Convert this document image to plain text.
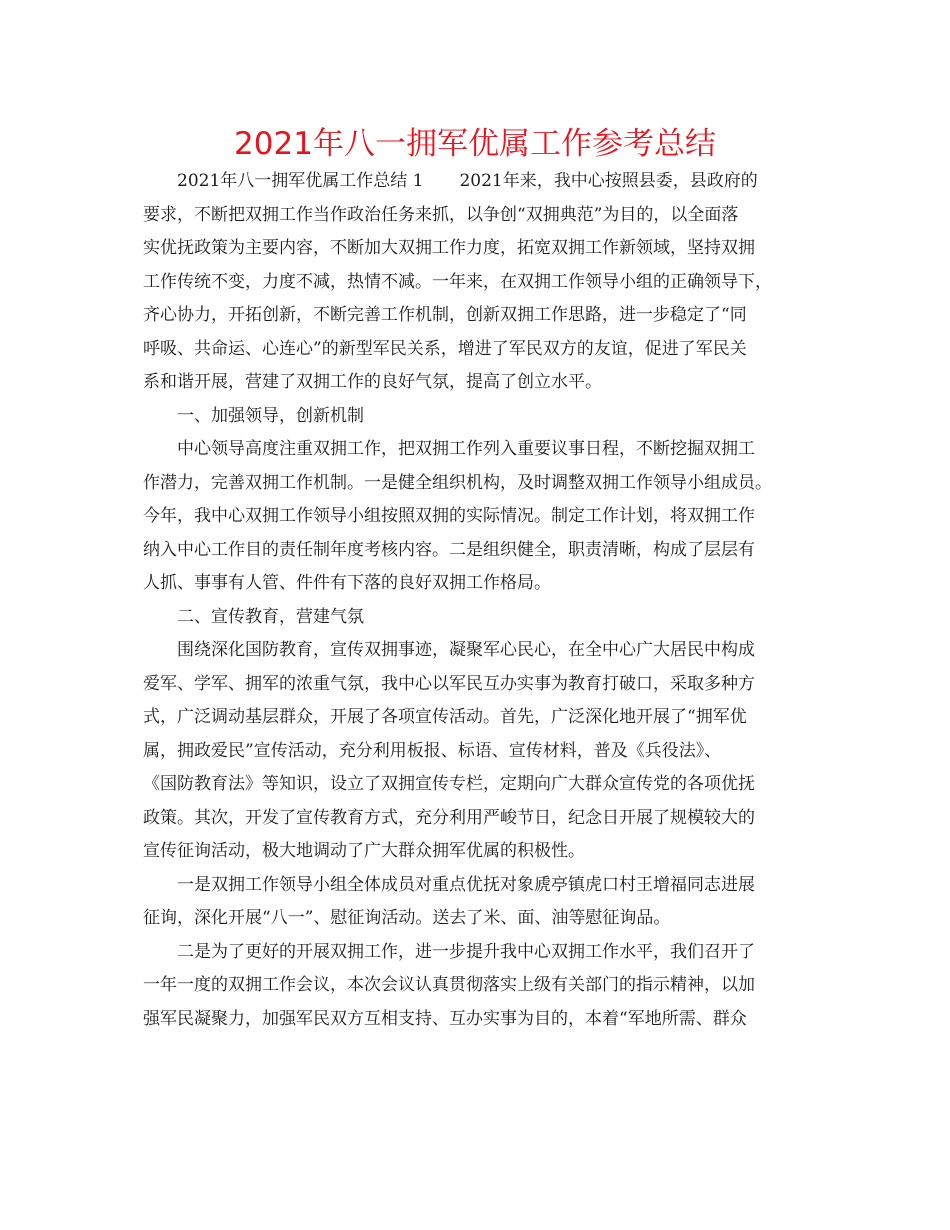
2021年八一拥军优属工作参考总结
2021年八一拥军优属工作总结 1 2021年来，我中心按照县委，县政府的
要求，不断把双拥工作当作政治任务来抓，以争创“双拥典范”为目的，以全面落
实优抚政策为主要内容，不断加大双拥工作力度，拓宽双拥工作新领域，坚持双拥
工作传统不变，力度不减，热情不减。一年来，在双拥工作领导小组的正确领导下，
齐心协力，开拓创新，不断完善工作机制，创新双拥工作思路，进一步稳定了“同
呼吸、共命运、心连心”的新型军民关系，增进了军民双方的友谊，促进了军民关
系和谐开展，营建了双拥工作的良好气氛，提高了创立水平。
一、加强领导，创新机制
中心领导高度注重双拥工作，把双拥工作列入重要议事日程，不断挖掘双拥工
作潜力，完善双拥工作机制。一是健全组织机构，及时调整双拥工作领导小组成员。
今年，我中心双拥工作领导小组按照双拥的实际情况。制定工作计划，将双拥工作
纳入中心工作目的责任制年度考核内容。二是组织健全，职责清晰，构成了层层有
人抓、事事有人管、件件有下落的良好双拥工作格局。
二、宣传教育，营建气氛
围绕深化国防教育，宣传双拥事迹，凝聚军心民心，在全中心广大居民中构成
爱军、学军、拥军的浓重气氛，我中心以军民互办实事为教育打破口，采取多种方
式，广泛调动基层群众，开展了各项宣传活动。首先，广泛深化地开展了“拥军优
属，拥政爱民”宣传活动，充分利用板报、标语、宣传材料，普及《兵役法》、
《国防教育法》等知识，设立了双拥宣传专栏，定期向广大群众宣传党的各项优抚
政策。其次，开发了宣传教育方式，充分利用严峻节日，纪念日开展了规模较大的
宣传征询活动，极大地调动了广大群众拥军优属的积极性。
一是双拥工作领导小组全体成员对重点优抚对象虒亭镇虎口村王增福同志进展
征询，深化开展“八一”、慰征询活动。送去了米、面、油等慰征询品。
二是为了更好的开展双拥工作，进一步提升我中心双拥工作水平，我们召开了
一年一度的双拥工作会议，本次会议认真贯彻落实上级有关部门的指示精神，以加
强军民凝聚力，加强军民双方互相支持、互办实事为目的，本着“军地所需、群众
